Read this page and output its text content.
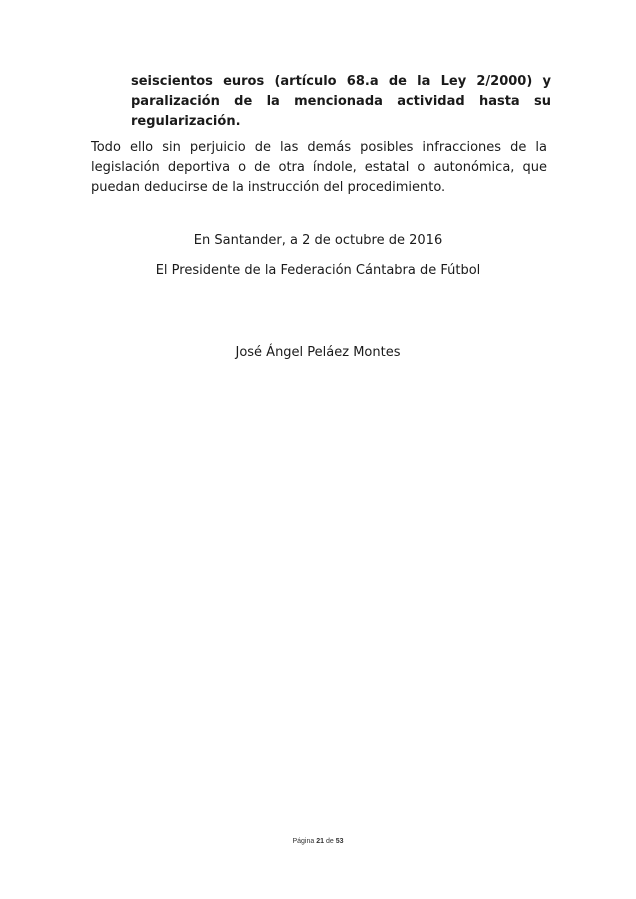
seiscientos euros (artículo 68.a de la Ley 2/2000) y paralización de la mencionada actividad hasta su regularización.
Todo ello sin perjuicio de las demás posibles infracciones de la legislación deportiva o de otra índole, estatal o autonómica, que puedan deducirse de la instrucción del procedimiento.
En Santander, a 2 de octubre de 2016
El Presidente de la Federación Cántabra de Fútbol
José Ángel Peláez Montes
Página 21 de 53
